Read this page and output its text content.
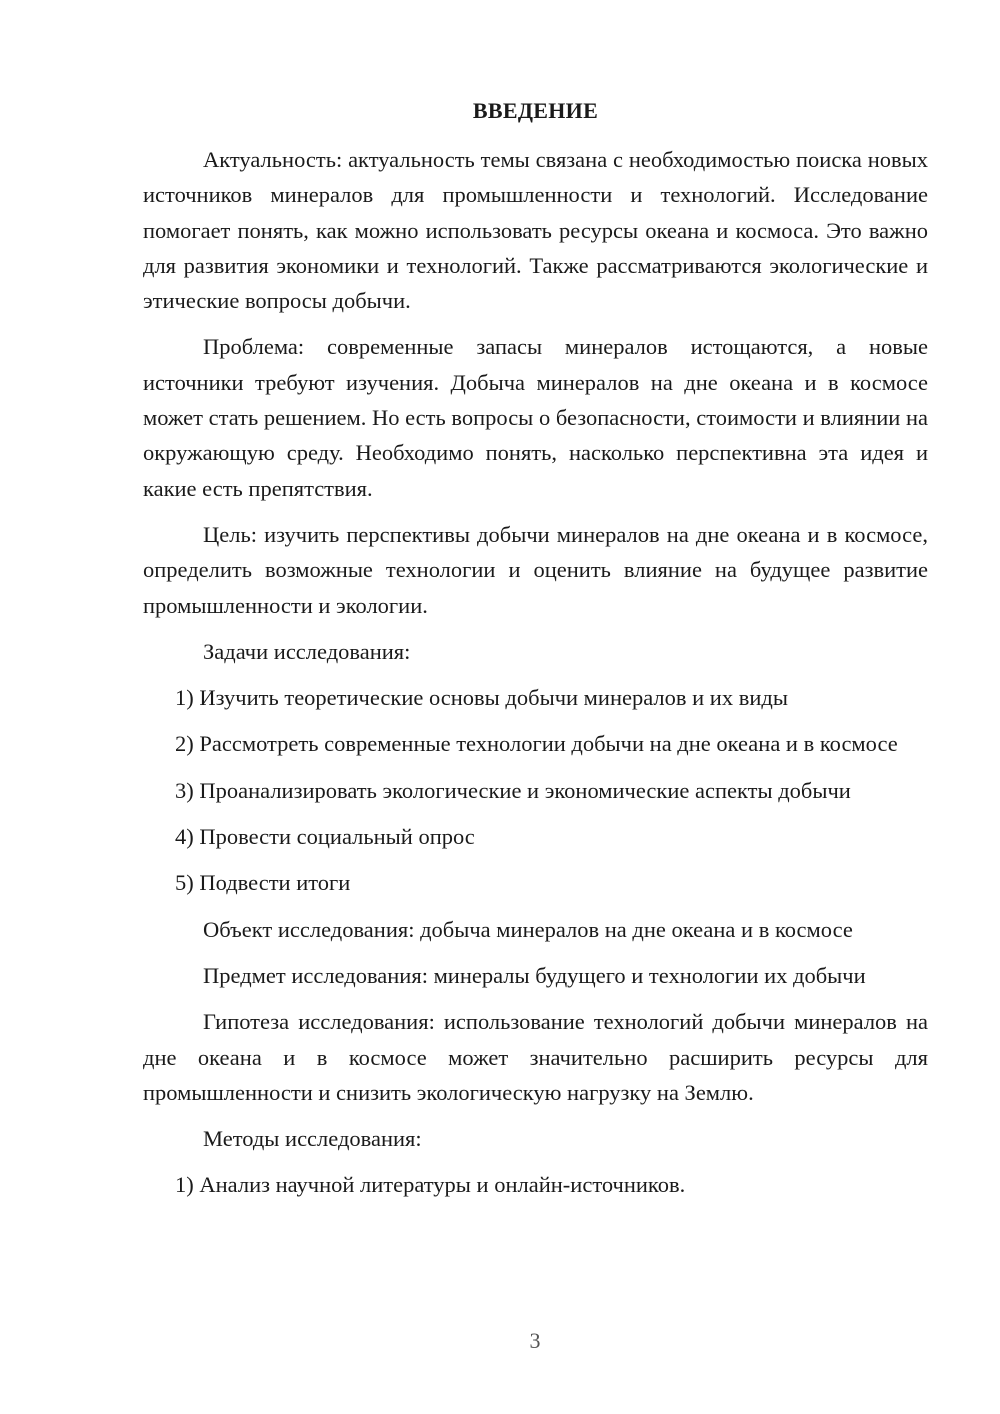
ВВЕДЕНИЕ

Актуальность: актуальность темы связана с необходимостью поиска новых источников минералов для промышленности и технологий. Исследование помогает понять, как можно использовать ресурсы океана и космоса. Это важно для развития экономики и технологий. Также рассматриваются экологические и этические вопросы добычи.

Проблема: современные запасы минералов истощаются, а новые источники требуют изучения. Добыча минералов на дне океана и в космосе может стать решением. Но есть вопросы о безопасности, стоимости и влиянии на окружающую среду. Необходимо понять, насколько перспективна эта идея и какие есть препятствия.

Цель: изучить перспективы добычи минералов на дне океана и в космосе, определить возможные технологии и оценить влияние на будущее развитие промышленности и экологии.

Задачи исследования:

1) Изучить теоретические основы добычи минералов и их виды

2) Рассмотреть современные технологии добычи на дне океана и в космосе

3) Проанализировать экологические и экономические аспекты добычи

4) Провести социальный опрос

5) Подвести итоги

Объект исследования: добыча минералов на дне океана и в космосе

Предмет исследования: минералы будущего и технологии их добычи

Гипотеза исследования: использование технологий добычи минералов на дне океана и в космосе может значительно расширить ресурсы для промышленности и снизить экологическую нагрузку на Землю.

Методы исследования:

1) Анализ научной литературы и онлайн-источников.

3
